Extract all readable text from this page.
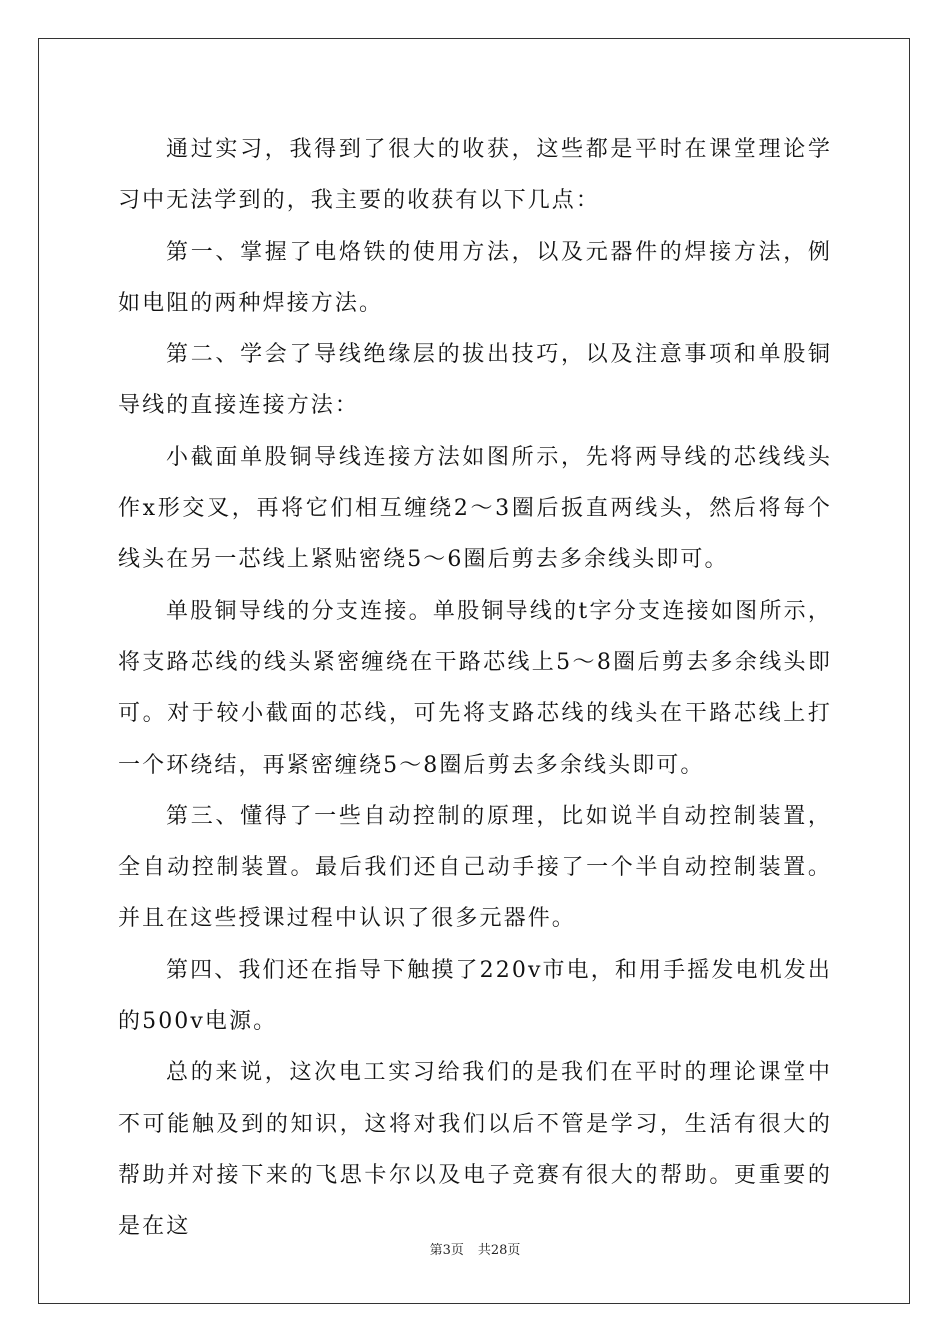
通过实习，我得到了很大的收获，这些都是平时在课堂理论学习中无法学到的，我主要的收获有以下几点：

第一、掌握了电烙铁的使用方法，以及元器件的焊接方法，例如电阻的两种焊接方法。

第二、学会了导线绝缘层的拔出技巧，以及注意事项和单股铜导线的直接连接方法：

小截面单股铜导线连接方法如图所示，先将两导线的芯线线头作x形交叉，再将它们相互缠绕2～3圈后扳直两线头，然后将每个线头在另一芯线上紧贴密绕5～6圈后剪去多余线头即可。

单股铜导线的分支连接。单股铜导线的t字分支连接如图所示，将支路芯线的线头紧密缠绕在干路芯线上5～8圈后剪去多余线头即可。对于较小截面的芯线，可先将支路芯线的线头在干路芯线上打一个环绕结，再紧密缠绕5～8圈后剪去多余线头即可。

第三、懂得了一些自动控制的原理，比如说半自动控制装置，全自动控制装置。最后我们还自己动手接了一个半自动控制装置。并且在这些授课过程中认识了很多元器件。

第四、我们还在指导下触摸了220v市电，和用手摇发电机发出的500v电源。

总的来说，这次电工实习给我们的是我们在平时的理论课堂中不可能触及到的知识，这将对我们以后不管是学习，生活有很大的帮助并对接下来的飞思卡尔以及电子竞赛有很大的帮助。更重要的是在这

第3页 共28页
